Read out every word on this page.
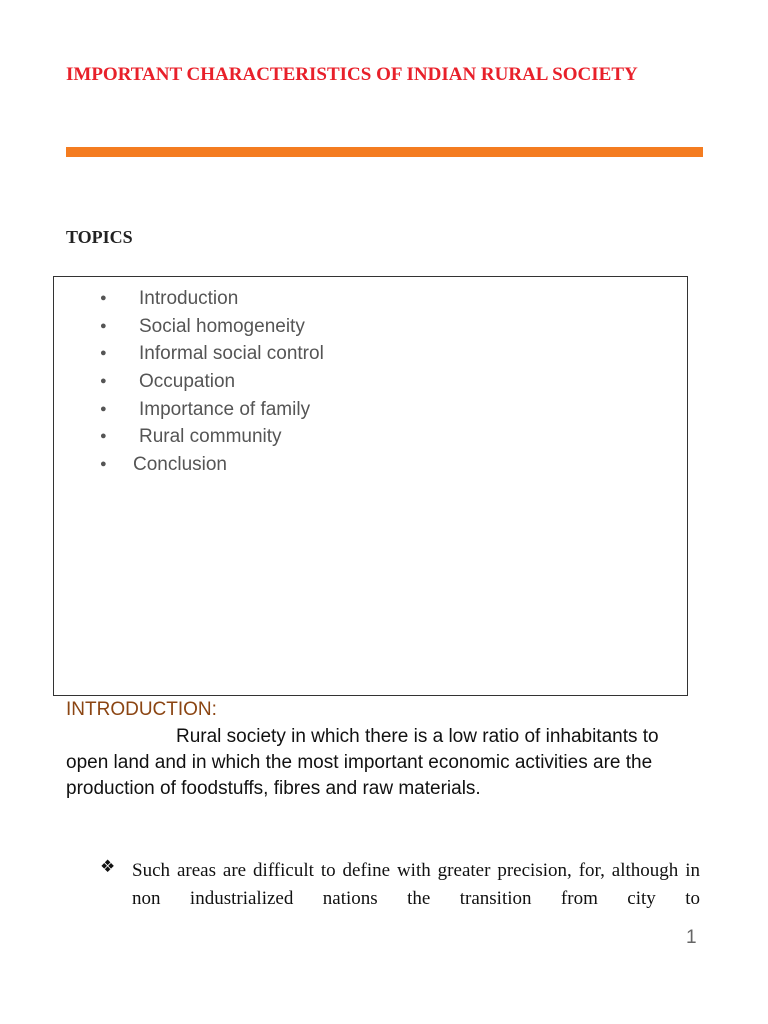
IMPORTANT CHARACTERISTICS OF INDIAN RURAL SOCIETY
TOPICS
● Introduction
● Social homogeneity
● Informal social control
● Occupation
● Importance of family
● Rural community
● Conclusion
INTRODUCTION:

Rural society in which there is a low ratio of inhabitants to open land and in which the most important economic activities are the production of foodstuffs, fibres and raw materials.

❖ Such areas are difficult to define with greater precision, for, although in non industrialized nations the transition from city to

1
